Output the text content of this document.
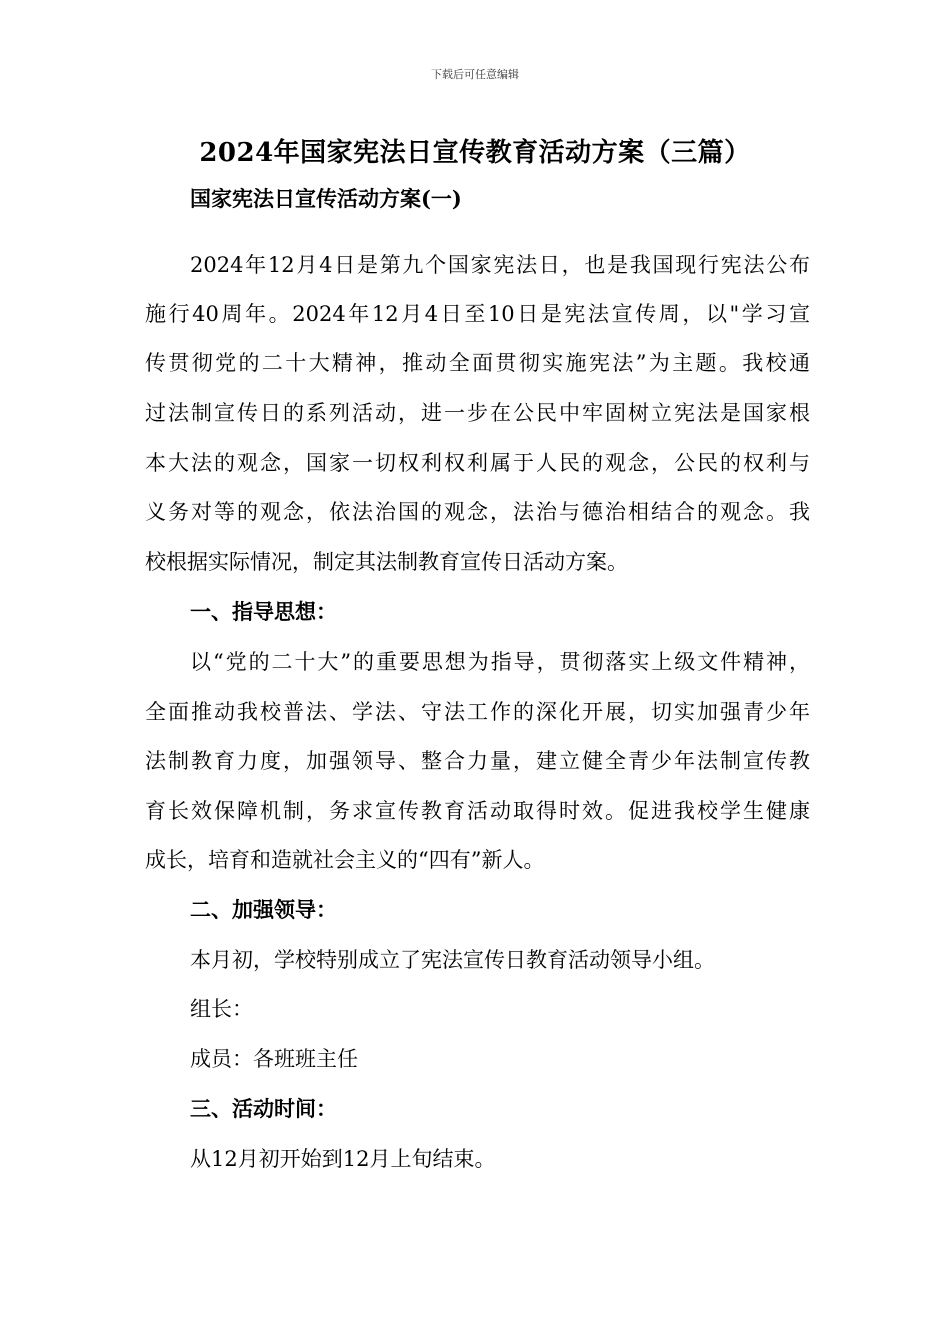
下载后可任意编辑
2024年国家宪法日宣传教育活动方案（三篇）
国家宪法日宣传活动方案(一)
2024年12月4日是第九个国家宪法日，也是我国现行宪法公布
施行40周年。2024年12月4日至10日是宪法宣传周，以"学习宣
传贯彻党的二十大精神，推动全面贯彻实施宪法”为主题。我校通
过法制宣传日的系列活动，进一步在公民中牢固树立宪法是国家根
本大法的观念，国家一切权利权利属于人民的观念，公民的权利与
义务对等的观念，依法治国的观念，法治与德治相结合的观念。我
校根据实际情况，制定其法制教育宣传日活动方案。
一、指导思想：
以“党的二十大”的重要思想为指导，贯彻落实上级文件精神，
全面推动我校普法、学法、守法工作的深化开展，切实加强青少年
法制教育力度，加强领导、整合力量，建立健全青少年法制宣传教
育长效保障机制，务求宣传教育活动取得时效。促进我校学生健康
成长，培育和造就社会主义的“四有”新人。
二、加强领导：
本月初，学校特别成立了宪法宣传日教育活动领导小组。
组长：
成员：各班班主任
三、活动时间：
从12月初开始到12月上旬结束。
